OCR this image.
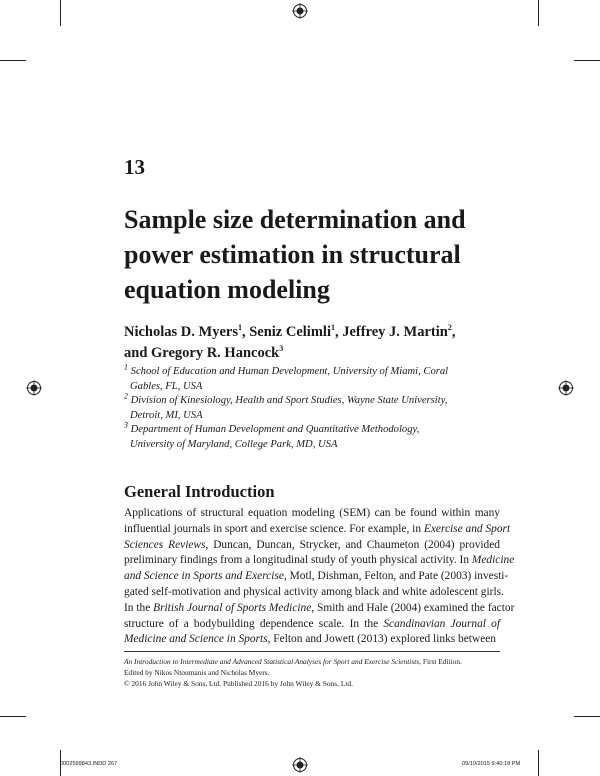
13
Sample size determination and
power estimation in structural
equation modeling
Nicholas D. Myers$^1$, Seniz Celimli$^1$, Jeffrey J. Martin$^2$,
and Gregory R. Hancock$^3$

$^1$ School of Education and Human Development, University of Miami, Coral
Gables, FL, USA

$^2$ Division of Kinesiology, Health and Sport Studies, Wayne State University,
Detroit, MI, USA

$^3$ Department of Human Development and Quantitative Methodology,
University of Maryland, College Park, MD, USA

General Introduction
Applications of structural equation modeling (SEM) can be found within many
influential journals in sport and exercise science. For example, in Exercise and Sport
Sciences Reviews, Duncan, Duncan, Strycker, and Chaumeton (2004) provided
preliminary findings from a longitudinal study of youth physical activity. In Medicine
and Science in Sports and Exercise, Motl, Dishman, Felton, and Pate (2003) investi-
gated self-motivation and physical activity among black and white adolescent girls.
In the British Journal of Sports Medicine, Smith and Hale (2004) examined the factor
structure of a bodybuilding dependence scale. In the Scandinavian Journal of
Medicine and Science in Sports, Felton and Jowett (2013) explored links between
An Introduction to Intermediate and Advanced Statistical Analyses for Sport and Exercise Scientists, First Edition.
Edited by Nikos Ntoumanis and Nicholas Myers.
© 2016 John Wiley & Sons, Ltd. Published 2016 by John Wiley & Sons, Ltd.
0002599843.INDD 267	09/10/2015 9:40:18 PM
